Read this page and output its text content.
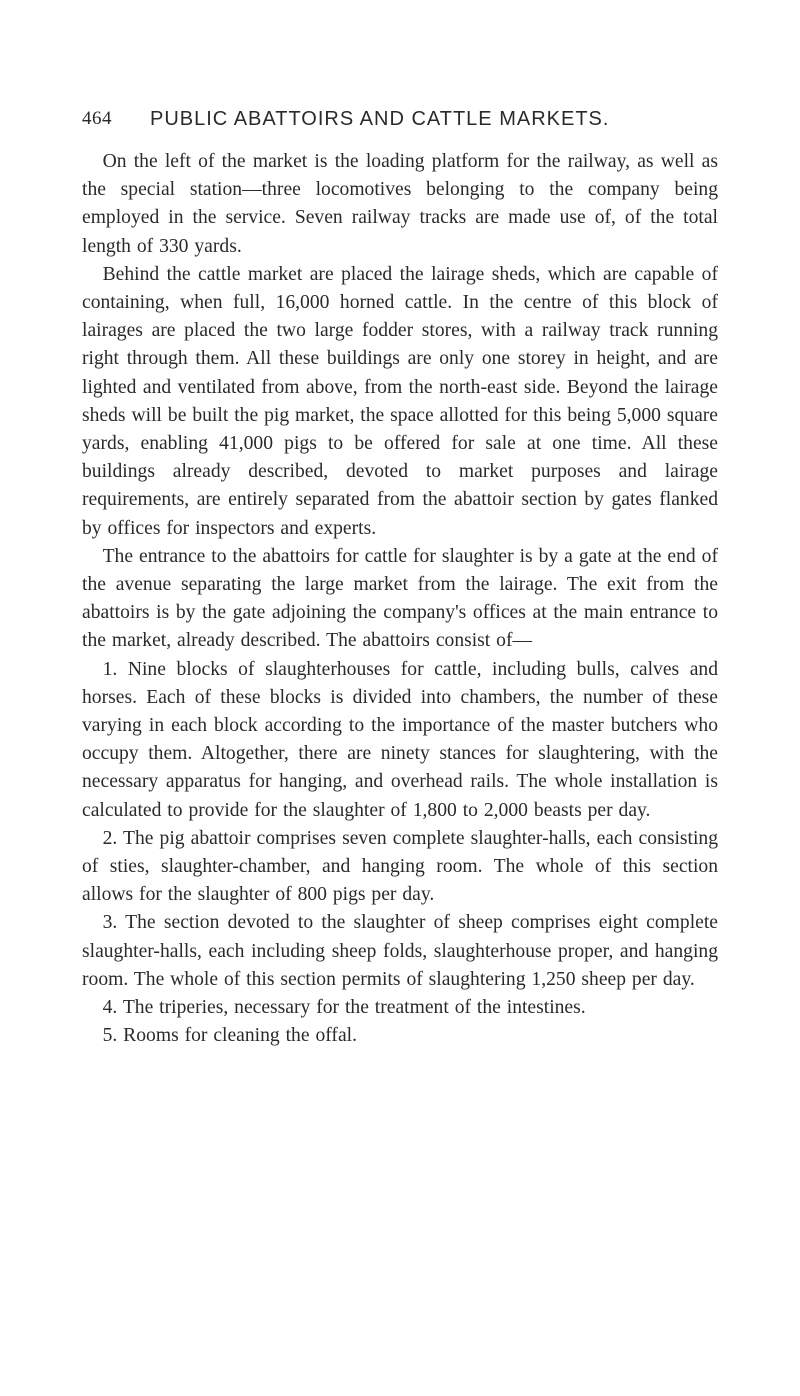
464 PUBLIC ABATTOIRS AND CATTLE MARKETS.

On the left of the market is the loading platform for the railway, as well as the special station—three locomotives belonging to the company being employed in the service. Seven railway tracks are made use of, of the total length of 330 yards.

Behind the cattle market are placed the lairage sheds, which are capable of containing, when full, 16,000 horned cattle. In the centre of this block of lairages are placed the two large fodder stores, with a railway track running right through them. All these buildings are only one storey in height, and are lighted and ventilated from above, from the north-east side. Beyond the lairage sheds will be built the pig market, the space allotted for this being 5,000 square yards, enabling 41,000 pigs to be offered for sale at one time. All these buildings already described, devoted to market purposes and lairage requirements, are entirely separated from the abattoir section by gates flanked by offices for inspectors and experts.

The entrance to the abattoirs for cattle for slaughter is by a gate at the end of the avenue separating the large market from the lairage. The exit from the abattoirs is by the gate adjoining the company's offices at the main entrance to the market, already described. The abattoirs consist of—

1. Nine blocks of slaughterhouses for cattle, including bulls, calves and horses. Each of these blocks is divided into chambers, the number of these varying in each block according to the importance of the master butchers who occupy them. Altogether, there are ninety stances for slaughtering, with the necessary apparatus for hanging, and overhead rails. The whole installation is calculated to provide for the slaughter of 1,800 to 2,000 beasts per day.

2. The pig abattoir comprises seven complete slaughter-halls, each consisting of sties, slaughter-chamber, and hanging room. The whole of this section allows for the slaughter of 800 pigs per day.

3. The section devoted to the slaughter of sheep comprises eight complete slaughter-halls, each including sheep folds, slaughterhouse proper, and hanging room. The whole of this section permits of slaughtering 1,250 sheep per day.

4. The triperies, necessary for the treatment of the intestines.

5. Rooms for cleaning the offal.
